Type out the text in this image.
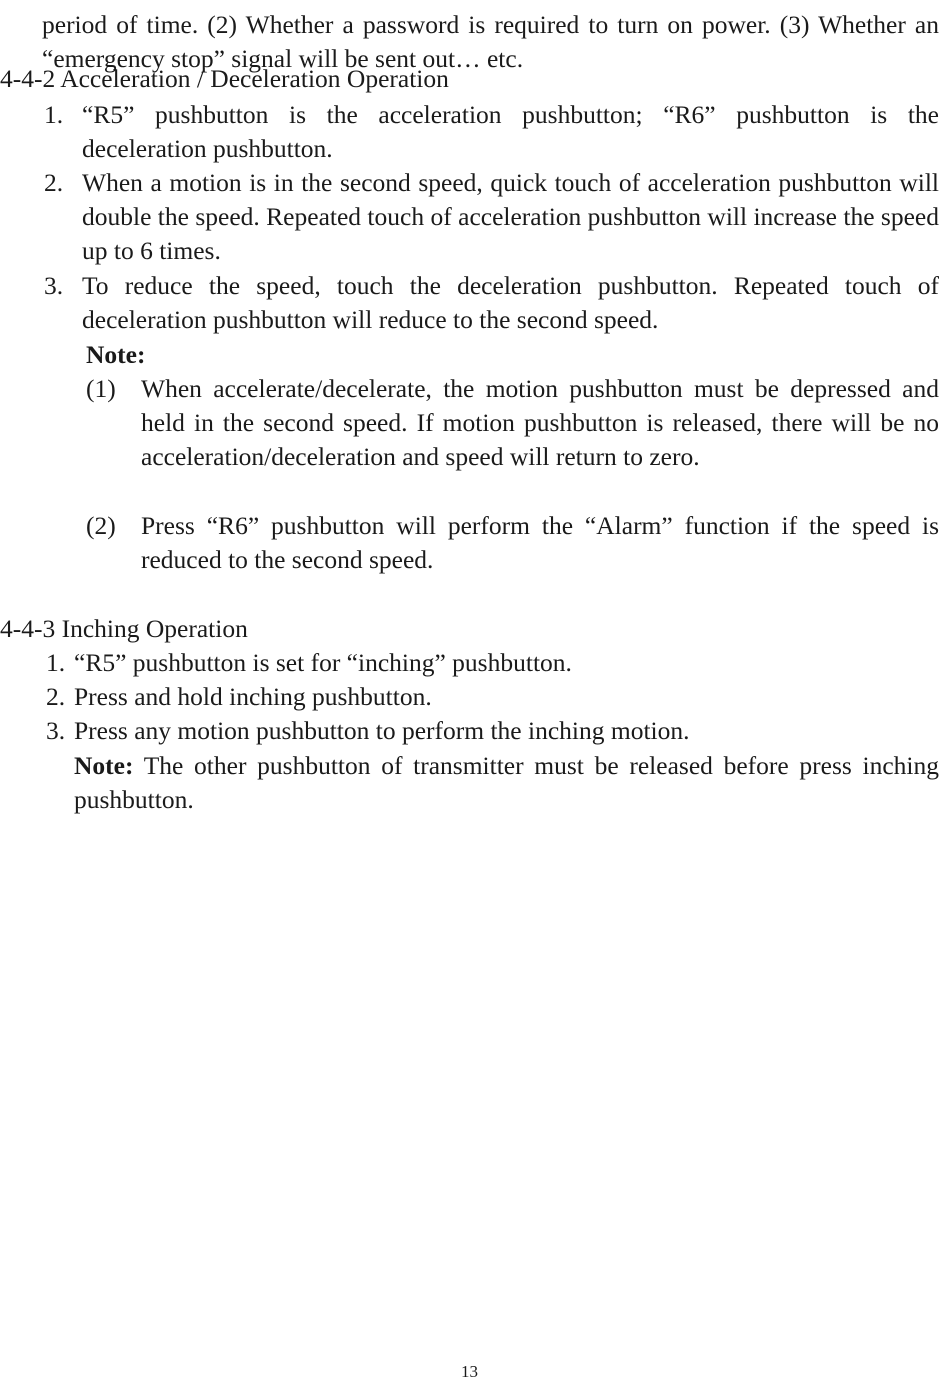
period of time. (2) Whether a password is required to turn on power. (3) Whether an “emergency stop” signal will be sent out… etc.
4-4-2 Acceleration / Deceleration Operation
1. “R5” pushbutton is the acceleration pushbutton; “R6” pushbutton is the deceleration pushbutton.
2. When a motion is in the second speed, quick touch of acceleration pushbutton will double the speed. Repeated touch of acceleration pushbutton will increase the speed up to 6 times.
3. To reduce the speed, touch the deceleration pushbutton. Repeated touch of deceleration pushbutton will reduce to the second speed.
Note:
(1) When accelerate/decelerate, the motion pushbutton must be depressed and held in the second speed. If motion pushbutton is released, there will be no acceleration/deceleration and speed will return to zero.
(2) Press “R6” pushbutton will perform the “Alarm” function if the speed is reduced to the second speed.
4-4-3 Inching Operation
1. “R5” pushbutton is set for “inching” pushbutton.
2. Press and hold inching pushbutton.
3. Press any motion pushbutton to perform the inching motion.
Note: The other pushbutton of transmitter must be released before press inching pushbutton.
13
